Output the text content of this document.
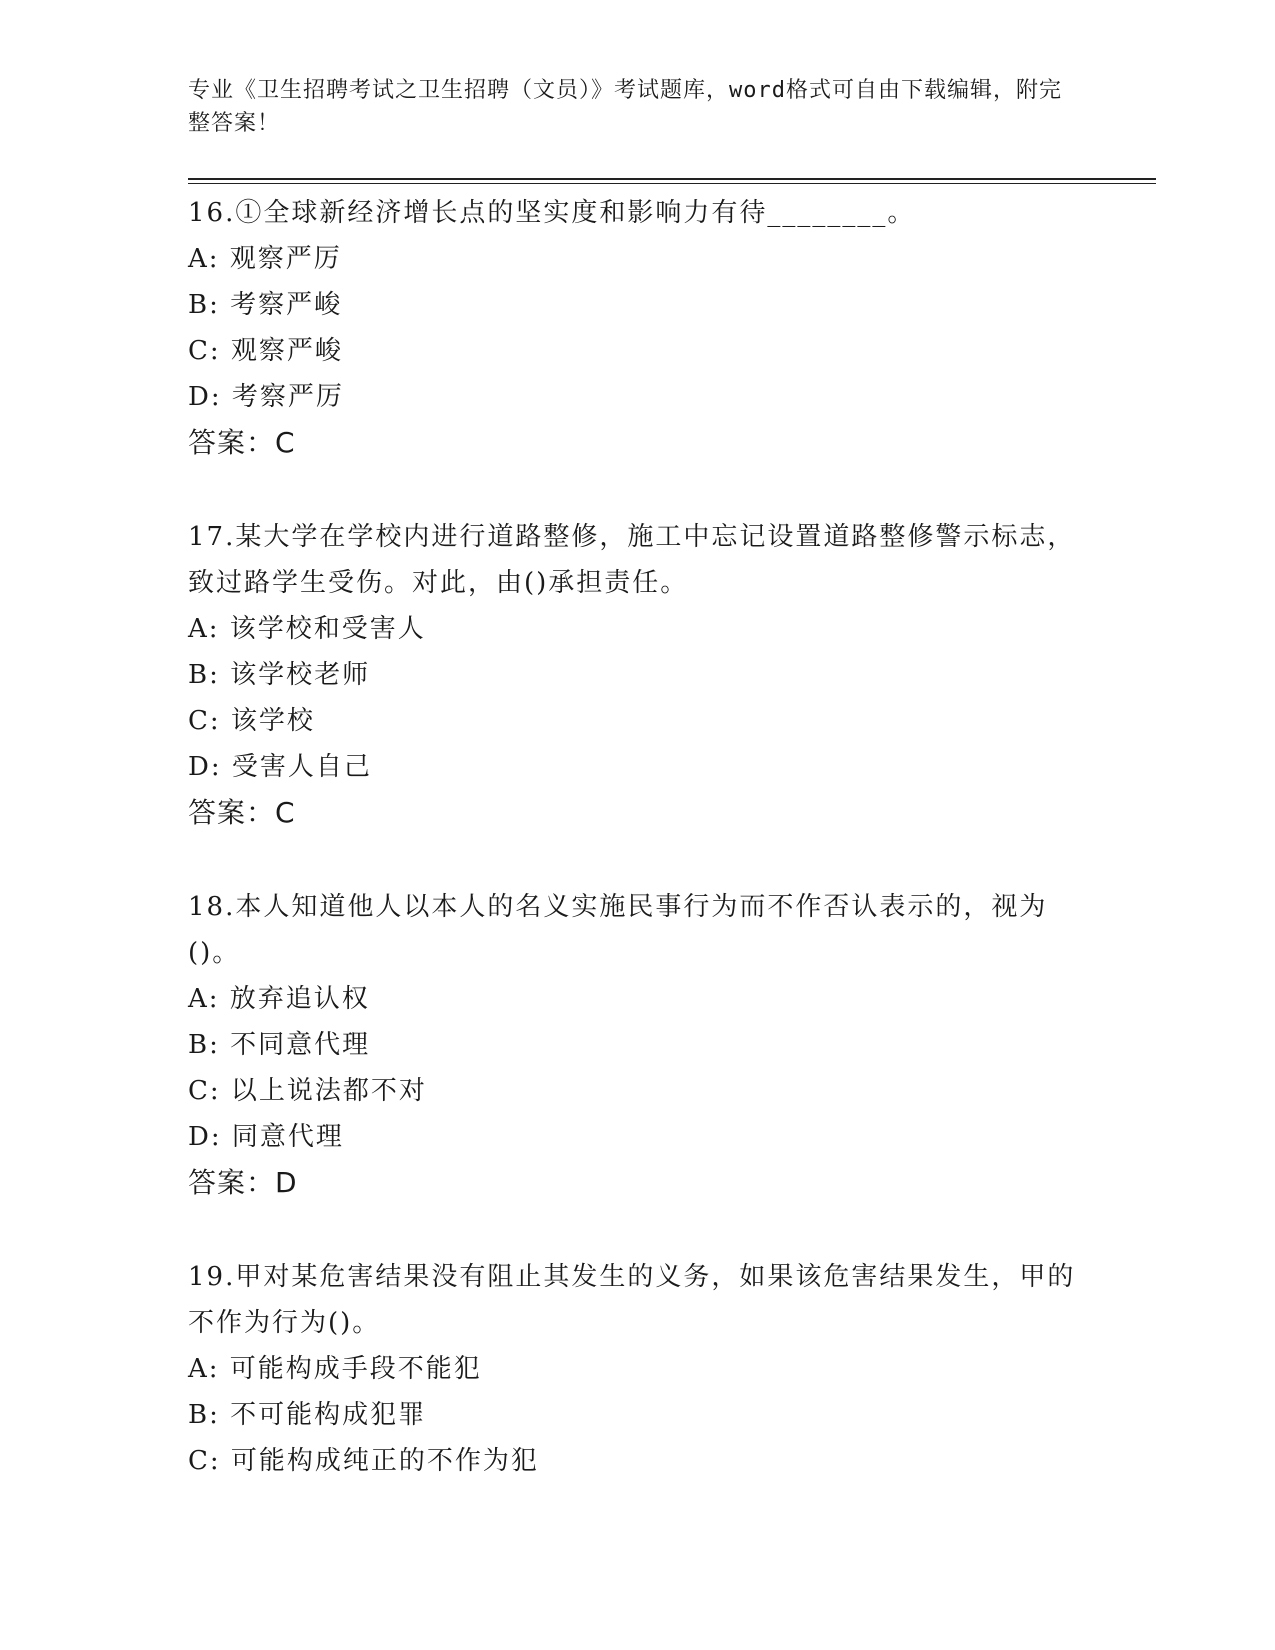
专业《卫生招聘考试之卫生招聘（文员）》考试题库，word格式可自由下载编辑，附完整答案！
16.①全球新经济增长点的坚实度和影响力有待________。
A: 观察严厉
B: 考察严峻
C: 观察严峻
D: 考察严厉
答案：C
17.某大学在学校内进行道路整修，施工中忘记设置道路整修警示标志，致过路学生受伤。对此，由()承担责任。
A: 该学校和受害人
B: 该学校老师
C: 该学校
D: 受害人自己
答案：C
18.本人知道他人以本人的名义实施民事行为而不作否认表示的，视为()。
A: 放弃追认权
B: 不同意代理
C: 以上说法都不对
D: 同意代理
答案：D
19.甲对某危害结果没有阻止其发生的义务，如果该危害结果发生，甲的不作为行为()。
A: 可能构成手段不能犯
B: 不可能构成犯罪
C: 可能构成纯正的不作为犯
